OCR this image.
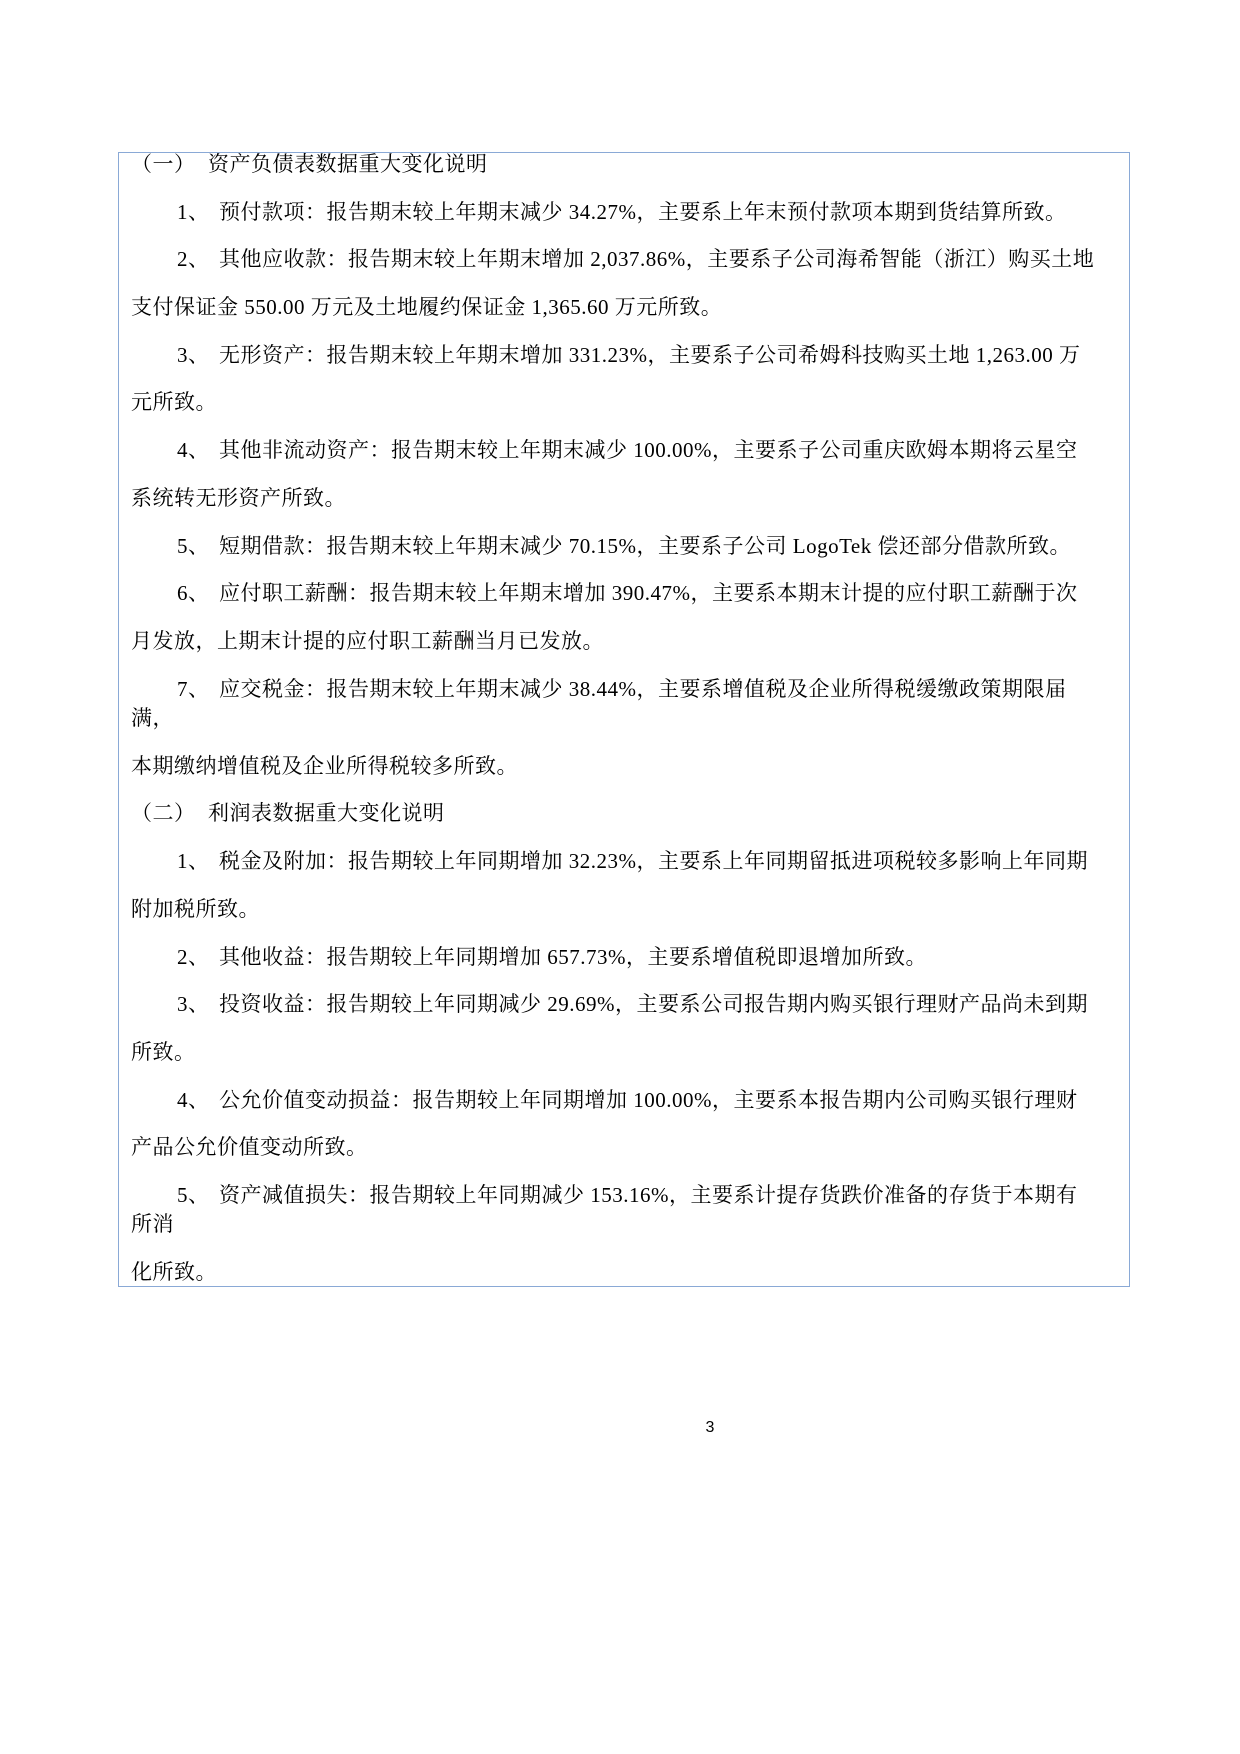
（一） 资产负债表数据重大变化说明
1、 预付款项：报告期末较上年期末减少 34.27%，主要系上年末预付款项本期到货结算所致。
2、 其他应收款：报告期末较上年期末增加 2,037.86%，主要系子公司海希智能（浙江）购买土地
支付保证金 550.00 万元及土地履约保证金 1,365.60 万元所致。
3、 无形资产：报告期末较上年期末增加 331.23%，主要系子公司希姆科技购买土地 1,263.00 万
元所致。
4、 其他非流动资产：报告期末较上年期末减少 100.00%，主要系子公司重庆欧姆本期将云星空
系统转无形资产所致。
5、 短期借款：报告期末较上年期末减少 70.15%，主要系子公司 LogoTek 偿还部分借款所致。
6、 应付职工薪酬：报告期末较上年期末增加 390.47%，主要系本期末计提的应付职工薪酬于次
月发放，上期末计提的应付职工薪酬当月已发放。
7、 应交税金：报告期末较上年期末减少 38.44%，主要系增值税及企业所得税缓缴政策期限届
满，
本期缴纳增值税及企业所得税较多所致。
（二） 利润表数据重大变化说明
1、 税金及附加：报告期较上年同期增加 32.23%，主要系上年同期留抵进项税较多影响上年同期
附加税所致。
2、 其他收益：报告期较上年同期增加 657.73%，主要系增值税即退增加所致。
3、 投资收益：报告期较上年同期减少 29.69%，主要系公司报告期内购买银行理财产品尚未到期
所致。
4、 公允价值变动损益：报告期较上年同期增加 100.00%，主要系本报告期内公司购买银行理财
产品公允价值变动所致。
5、 资产减值损失：报告期较上年同期减少 153.16%，主要系计提存货跌价准备的存货于本期有
所消
化所致。
3
